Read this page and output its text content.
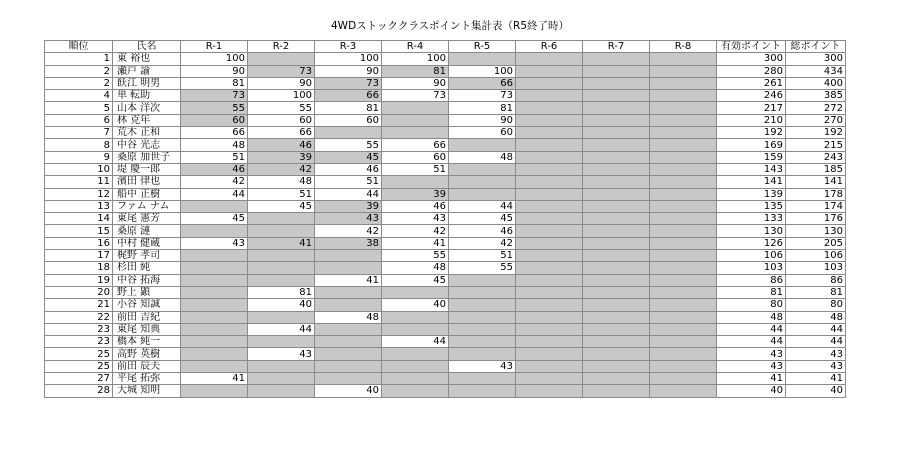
4WDストッククラスポイント集計表（R5終了時）
順位	氏名	R-1	R-2	R-3	R-4	R-5	R-6	R-7	R-8	有効ポイント	総ポイント
1	東 裕也	100		100	100					300	300
2	瀬戸 諭	90	73	90	81	100				280	434
2	飫江 明男	81	90	73	90	66				261	400
4	単 転助	73	100	66	73	73				246	385
5	山本 洋次	55	55	81		81				217	272
6	林 克年	60	60	60		90				210	270
7	荒木 正和	66	66			60				192	192
8	中谷 光志	48	46	55	66					169	215
9	桑原 加世子	51	39	45	60	48				159	243
10	堤 慶一郎	46	42	46	51					143	185
11	濱田 律也	42	48	51						141	141
12	船中 正樹	44	51	44	39					139	178
13	ファム ナム		45	39	46	44				135	174
14	東尾 憲芳	45		43	43	45				133	176
15	桑原 漣			42	42	46				130	130
16	中村 健蔵	43	41	38	41	42				126	205
17	梶野 孝司				55	51				106	106
18	杉田 純				48	55				103	103
19	中谷 拓海			41	45					86	86
20	野上 顕		81							81	81
21	小谷 知誠		40		40					80	80
22	前田 吉紀			48						48	48
23	東尾 知典		44							44	44
23	橋本 純一				44					44	44
25	高野 英樹		43							43	43
25	前田 辰夫					43				43	43
27	平尾 拓弥	41								41	41
28	大城 知明			40						40	40
